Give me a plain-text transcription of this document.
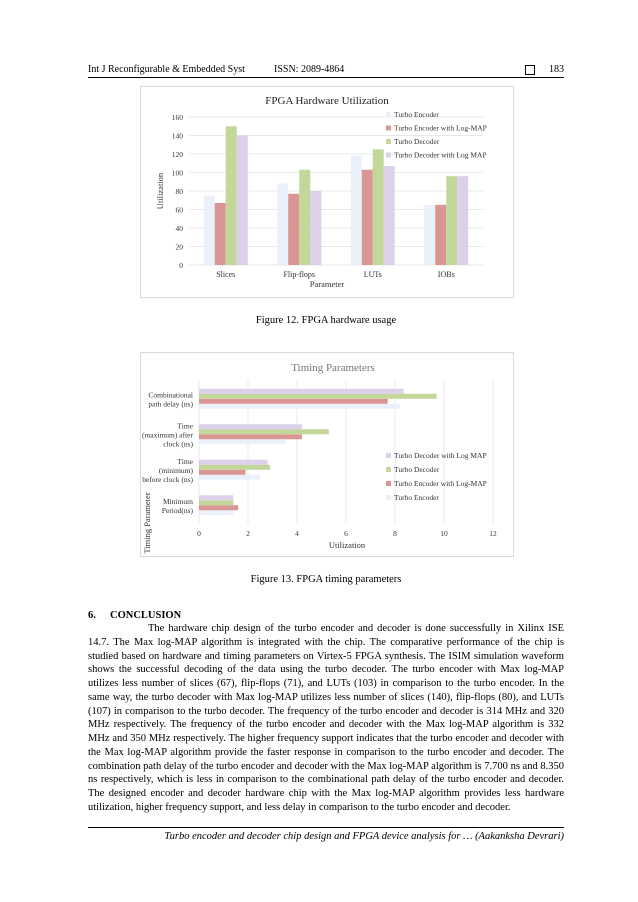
Int J Reconfigurable & Embedded Syst	ISSN: 2089-4864	183
FPGA Hardware Utilization
0
20
40
60
80
100
120
140
160
Slices	Flip-flops	LUTs	IOBs
Parameter
Utilization
Turbo Encoder
Turbo Encoder with Log-MAP
Turbo Decoder
Turbo Decoder with Log MAP
Figure 12. FPGA hardware usage
Timing Parameters
0	2	4	6	8	10	12
Minimum
Period(ns)
Time
(minimum)
before clock (ns)
Time
(maximum) after
clock (ns)
Combinational
path delay (ns)
Utilization
Timing Parameter
Turbo Decoder with Log MAP
Turbo Decoder
Turbo Encoder with Log-MAP
Turbo Encoder
Figure 13. FPGA timing parameters
6. CONCLUSION
The hardware chip design of the turbo encoder and decoder is done successfully in Xilinx ISE 14.7. The Max log-MAP algorithm is integrated with the chip. The comparative performance of the chip is studied based on hardware and timing parameters on Virtex-5 FPGA synthesis. The ISIM simulation waveform shows the successful decoding of the data using the turbo decoder. The turbo encoder with Max log-MAP utilizes less number of slices (67), flip-flops (71), and LUTs (103) in comparison to the turbo encoder. In the same way, the turbo decoder with Max log-MAP utilizes less number of slices (140), flip-flops (80), and LUTs (107) in comparison to the turbo decoder. The frequency of the turbo encoder and decoder is 314 MHz and 320 MHz respectively. The frequency of the turbo encoder and decoder with the Max log-MAP algorithm is 332 MHz and 350 MHz respectively. The higher frequency support indicates that the turbo encoder and decoder with the Max log-MAP algorithm provide the faster response in comparison to the turbo encoder and decoder. The combination path delay of the turbo encoder and decoder with the Max log-MAP algorithm is 7.700 ns and 8.350 ns respectively, which is less in comparison to the combinational path delay of the turbo encoder and decoder. The designed encoder and decoder hardware chip with the Max log-MAP algorithm provides less hardware utilization, higher frequency support, and less delay in comparison to the turbo encoder and decoder.
Turbo encoder and decoder chip design and FPGA device analysis for … (Aakanksha Devrari)
